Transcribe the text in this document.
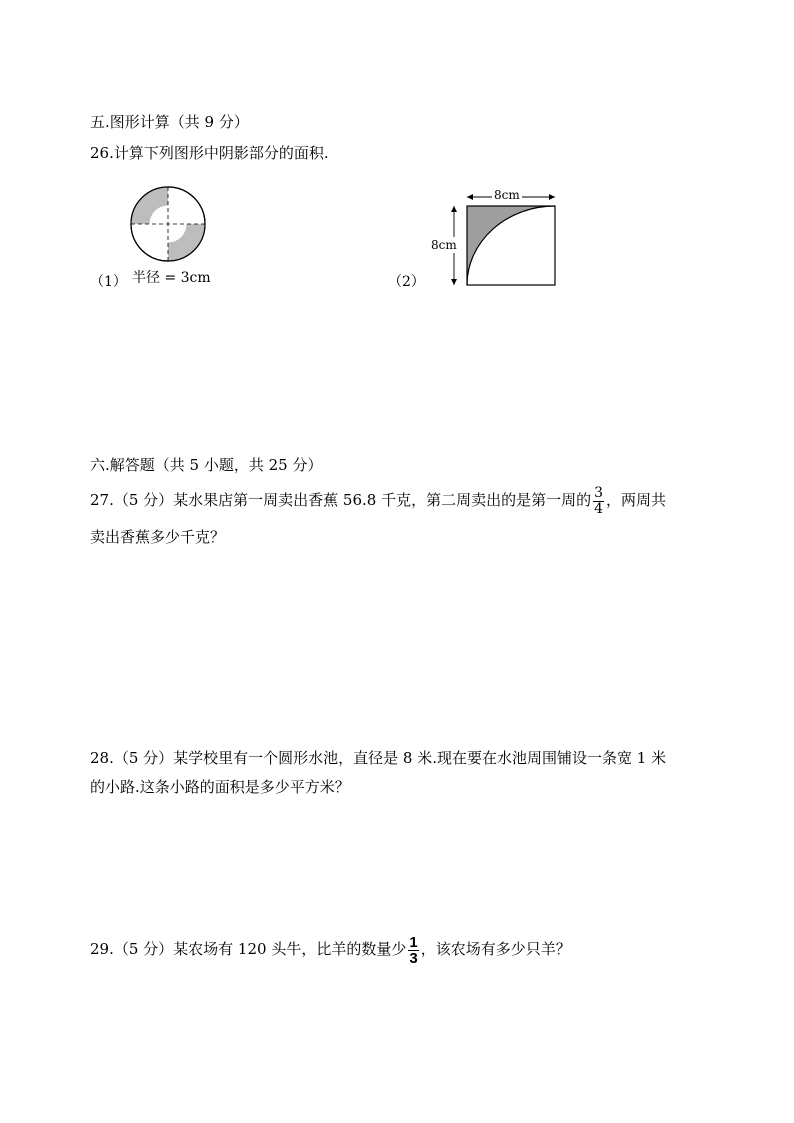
五.图形计算（共 9 分）
26.计算下列图形中阴影部分的面积.
（1） 半径 = 3cm
8cm
8cm
（2）
六.解答题（共 5 小题，共 25 分）
27.（5 分）某水果店第一周卖出香蕉 56.8 千克，第二周卖出的是第一周的 $\frac{3}{4}$ ，两周共
卖出香蕉多少千克？
28.（5 分）某学校里有一个圆形水池，直径是 8 米.现在要在水池周围铺设一条宽 1 米
的小路.这条小路的面积是多少平方米？
29.（5 分）某农场有 120 头牛，比羊的数量少 $\frac{1}{3}$ ，该农场有多少只羊？
